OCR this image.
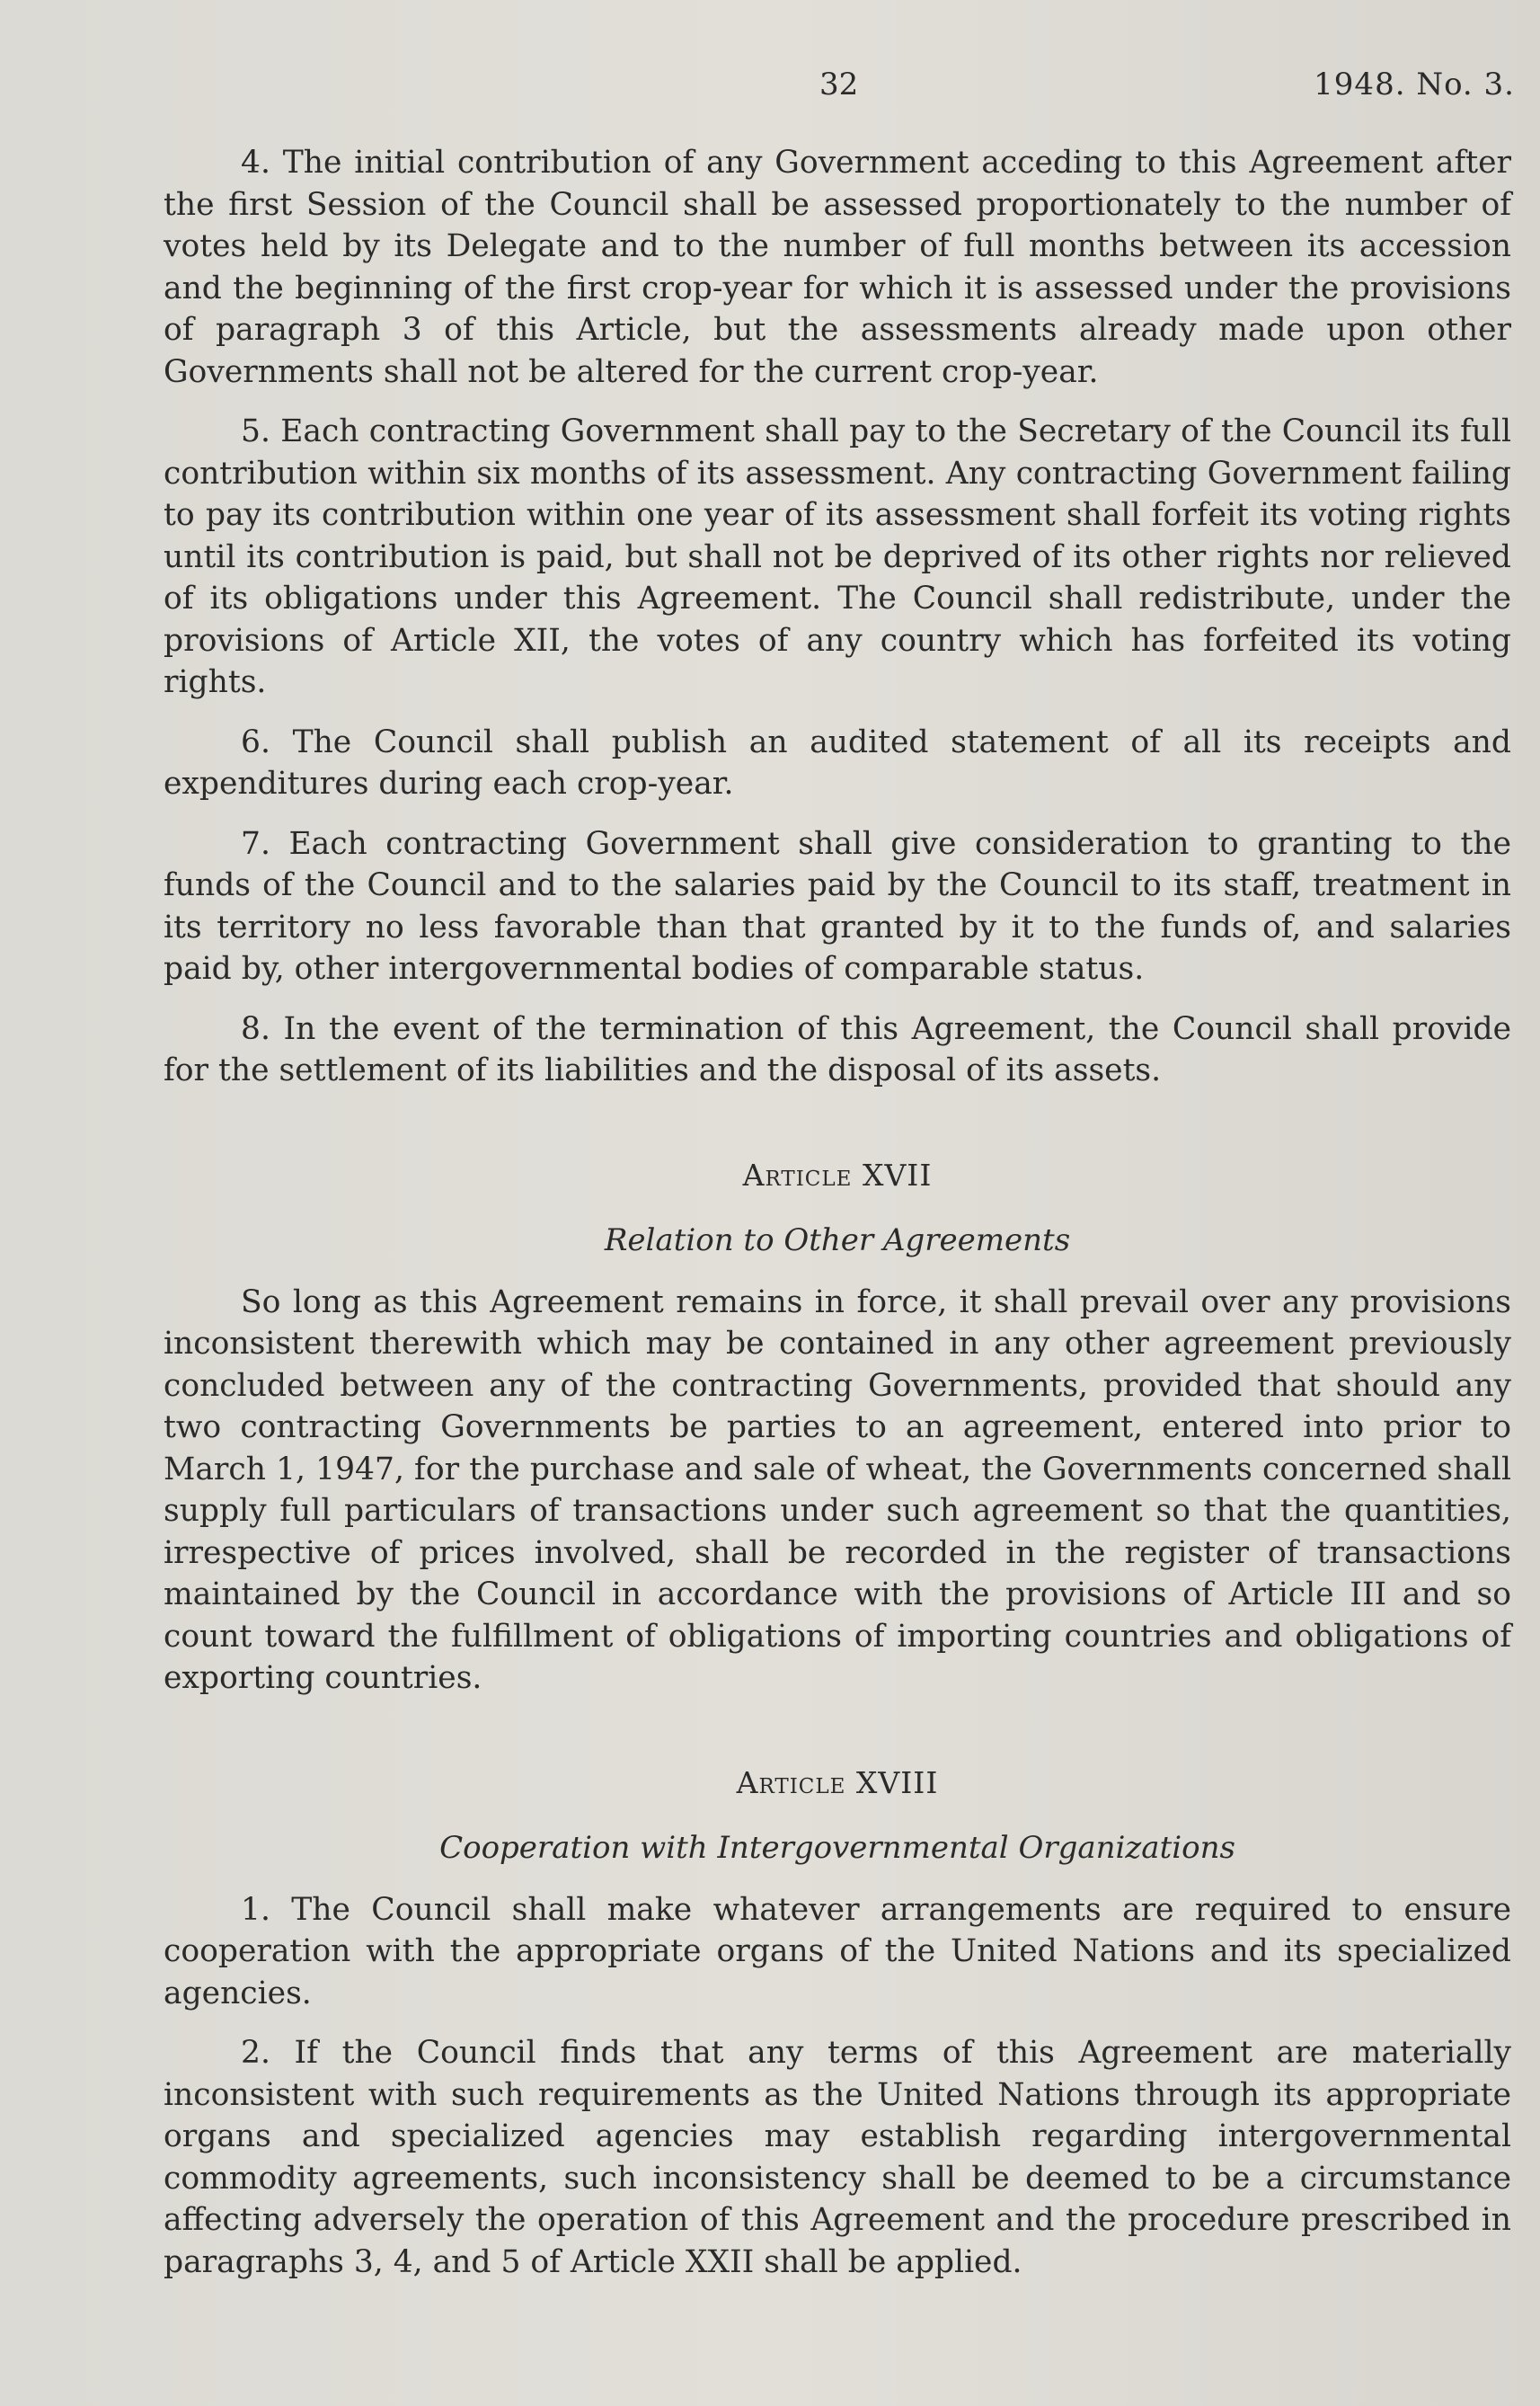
32	1948. No. 3.

4. The initial contribution of any Government acceding to this Agreement after the first Session of the Council shall be assessed proportionately to the number of votes held by its Delegate and to the number of full months between its accession and the beginning of the first crop-year for which it is assessed under the provisions of paragraph 3 of this Article, but the assessments already made upon other Governments shall not be altered for the current crop-year.

5. Each contracting Government shall pay to the Secretary of the Council its full contribution within six months of its assessment. Any contracting Government failing to pay its contribution within one year of its assessment shall forfeit its voting rights until its contribution is paid, but shall not be deprived of its other rights nor relieved of its obligations under this Agreement. The Council shall redistribute, under the provisions of Article XII, the votes of any country which has forfeited its voting rights.

6. The Council shall publish an audited statement of all its receipts and expenditures during each crop-year.

7. Each contracting Government shall give consideration to granting to the funds of the Council and to the salaries paid by the Council to its staff, treatment in its territory no less favorable than that granted by it to the funds of, and salaries paid by, other intergovernmental bodies of comparable status.

8. In the event of the termination of this Agreement, the Council shall provide for the settlement of its liabilities and the disposal of its assets.

Article XVII
Relation to Other Agreements

So long as this Agreement remains in force, it shall prevail over any provisions inconsistent therewith which may be contained in any other agreement previously concluded between any of the contracting Governments, provided that should any two contracting Governments be parties to an agreement, entered into prior to March 1, 1947, for the purchase and sale of wheat, the Governments concerned shall supply full particulars of transactions under such agreement so that the quantities, irrespective of prices involved, shall be recorded in the register of transactions maintained by the Council in accordance with the provisions of Article III and so count toward the fulfillment of obligations of importing countries and obligations of exporting countries.

Article XVIII
Cooperation with Intergovernmental Organizations

1. The Council shall make whatever arrangements are required to ensure cooperation with the appropriate organs of the United Nations and its specialized agencies.

2. If the Council finds that any terms of this Agreement are materially inconsistent with such requirements as the United Nations through its appropriate organs and specialized agencies may establish regarding intergovernmental commodity agreements, such inconsistency shall be deemed to be a circumstance affecting adversely the operation of this Agreement and the procedure prescribed in paragraphs 3, 4, and 5 of Article XXII shall be applied.
